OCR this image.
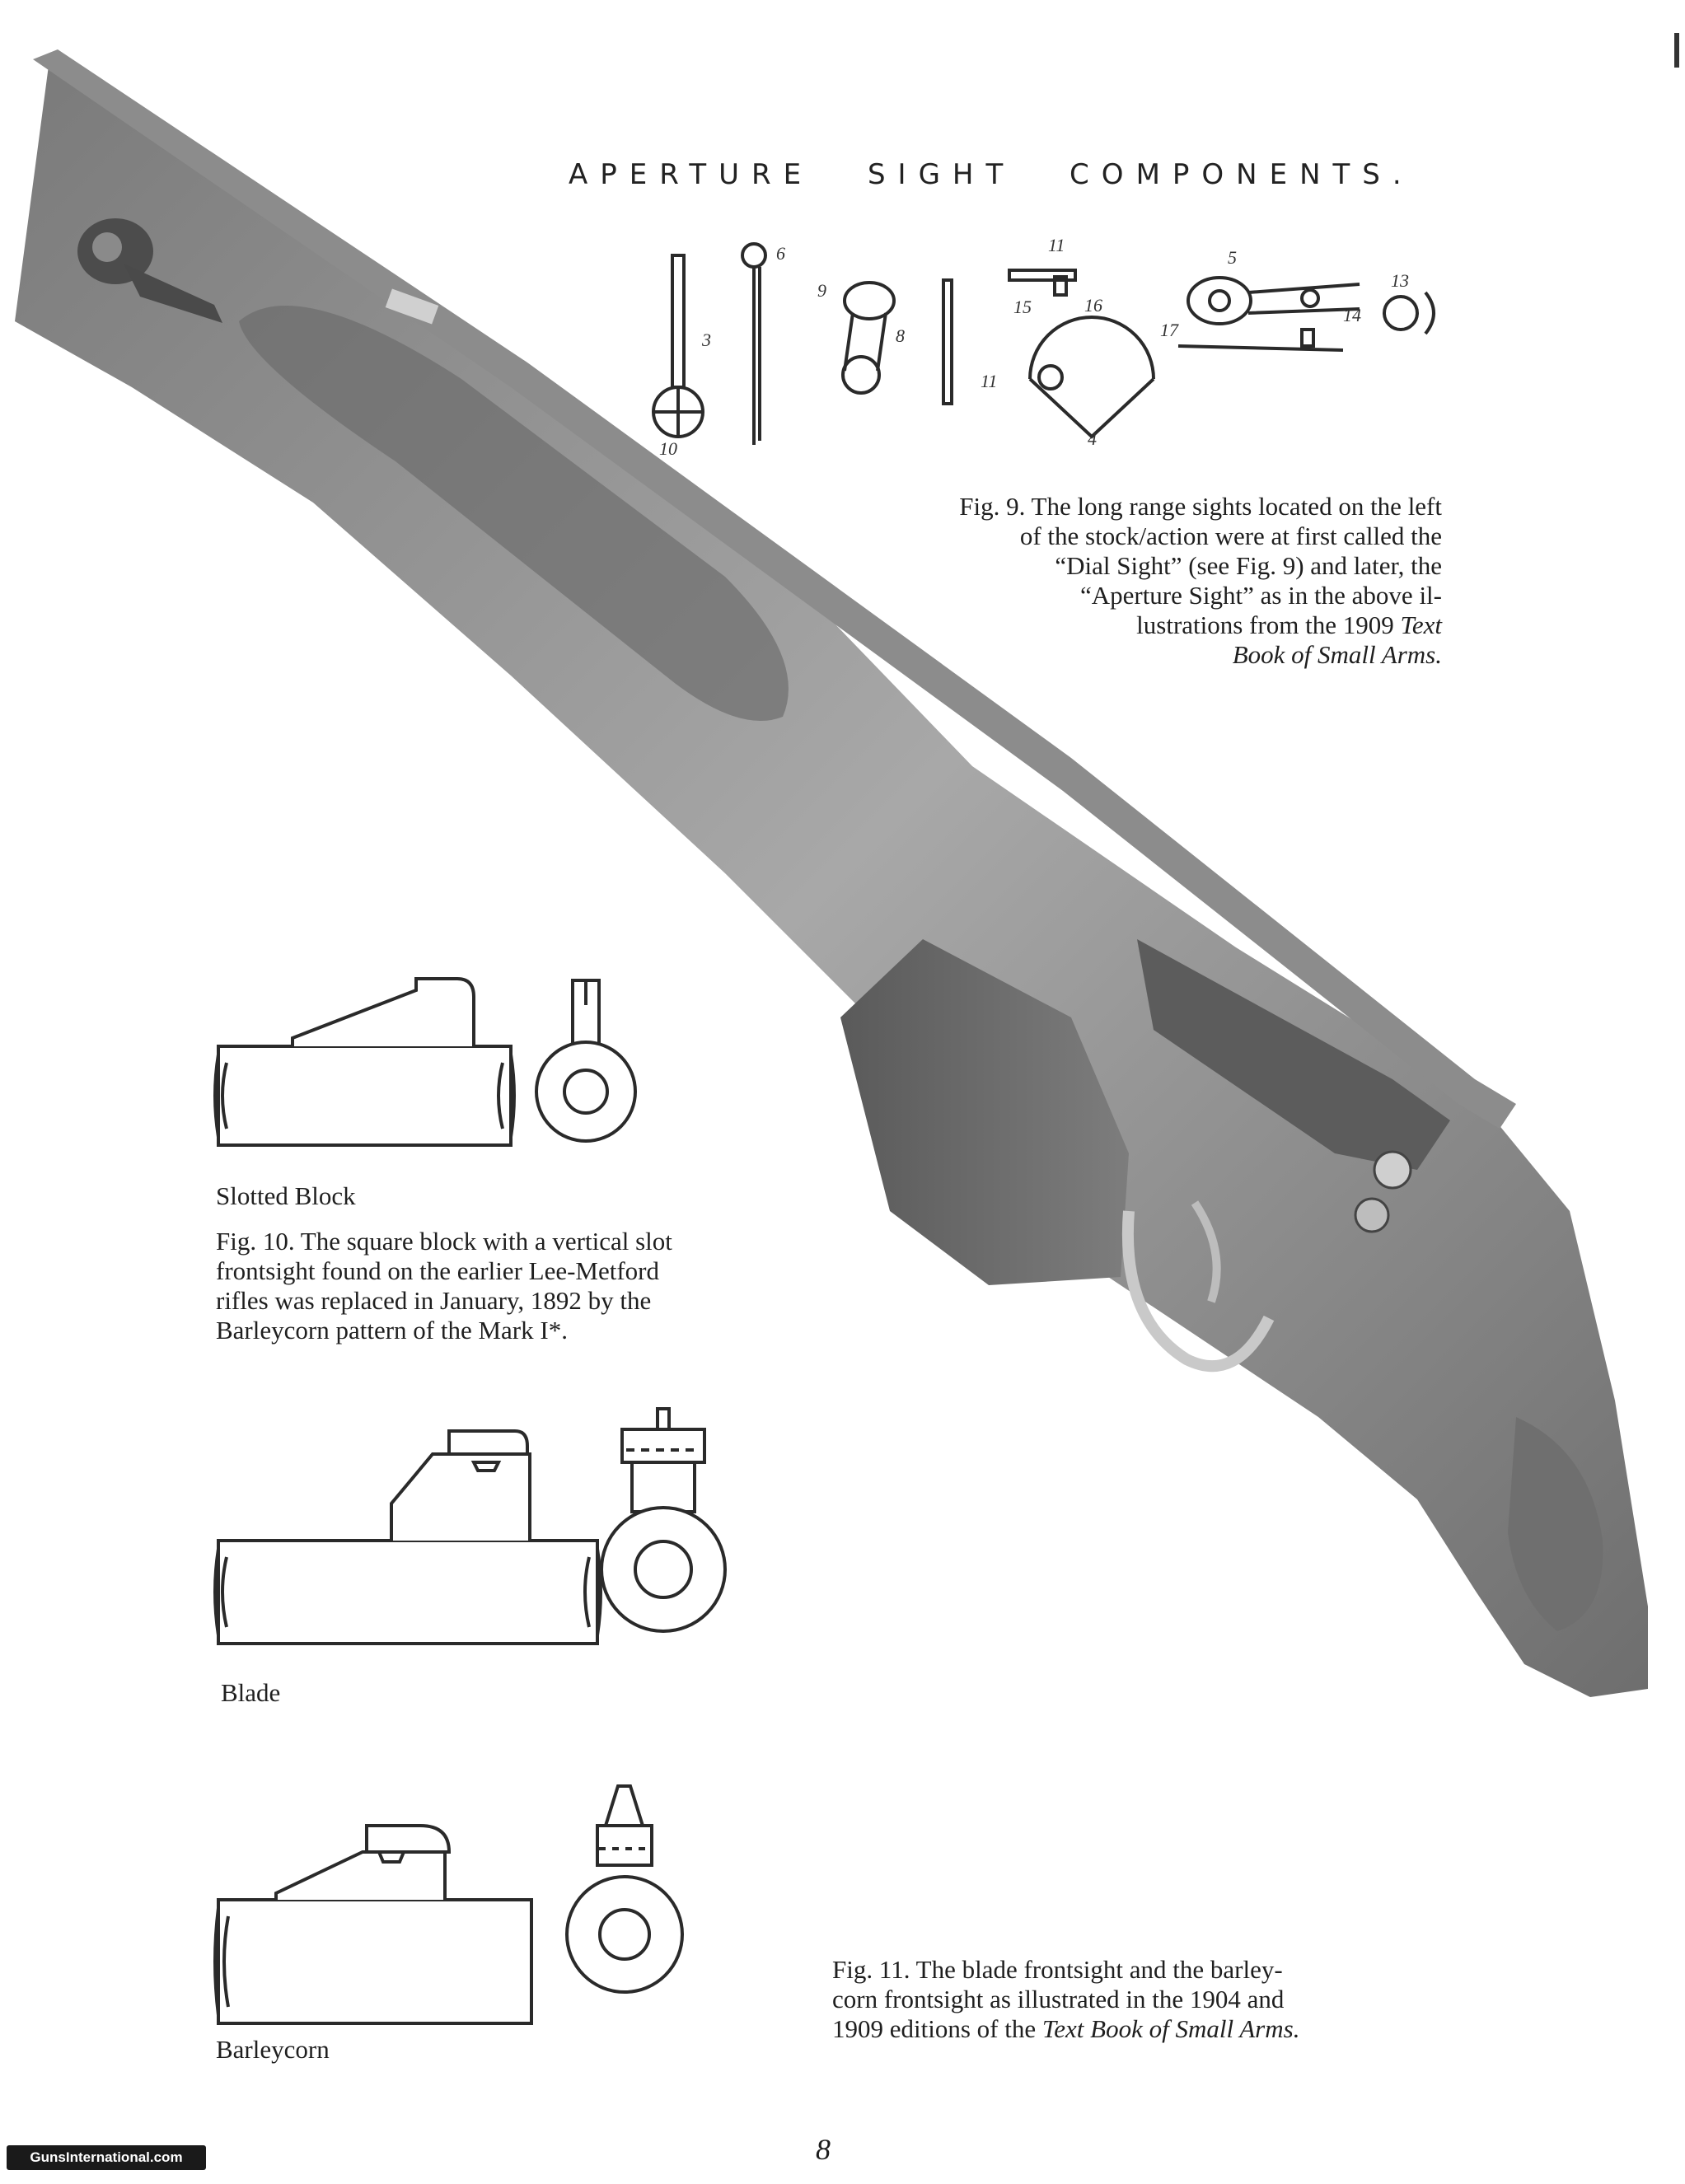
APERTURE SIGHT COMPONENTS.
3
6
10
9
8
11
15	16
11
4
5
14
13
17
Fig. 9. The long range sights located on the left
of the stock/action were at first called the
“Dial Sight” (see Fig. 9) and later, the
“Aperture Sight” as in the above il-
lustrations from the 1909 Text
Book of Small Arms.
Slotted Block
Fig. 10. The square block with a vertical slot
frontsight found on the earlier Lee-Metford
rifles was replaced in January, 1892 by the
Barleycorn pattern of the Mark I*.
Blade
Barleycorn
Fig. 11. The blade frontsight and the barley-
corn frontsight as illustrated in the 1904 and
1909 editions of the Text Book of Small Arms.
8
GunsInternational.com
